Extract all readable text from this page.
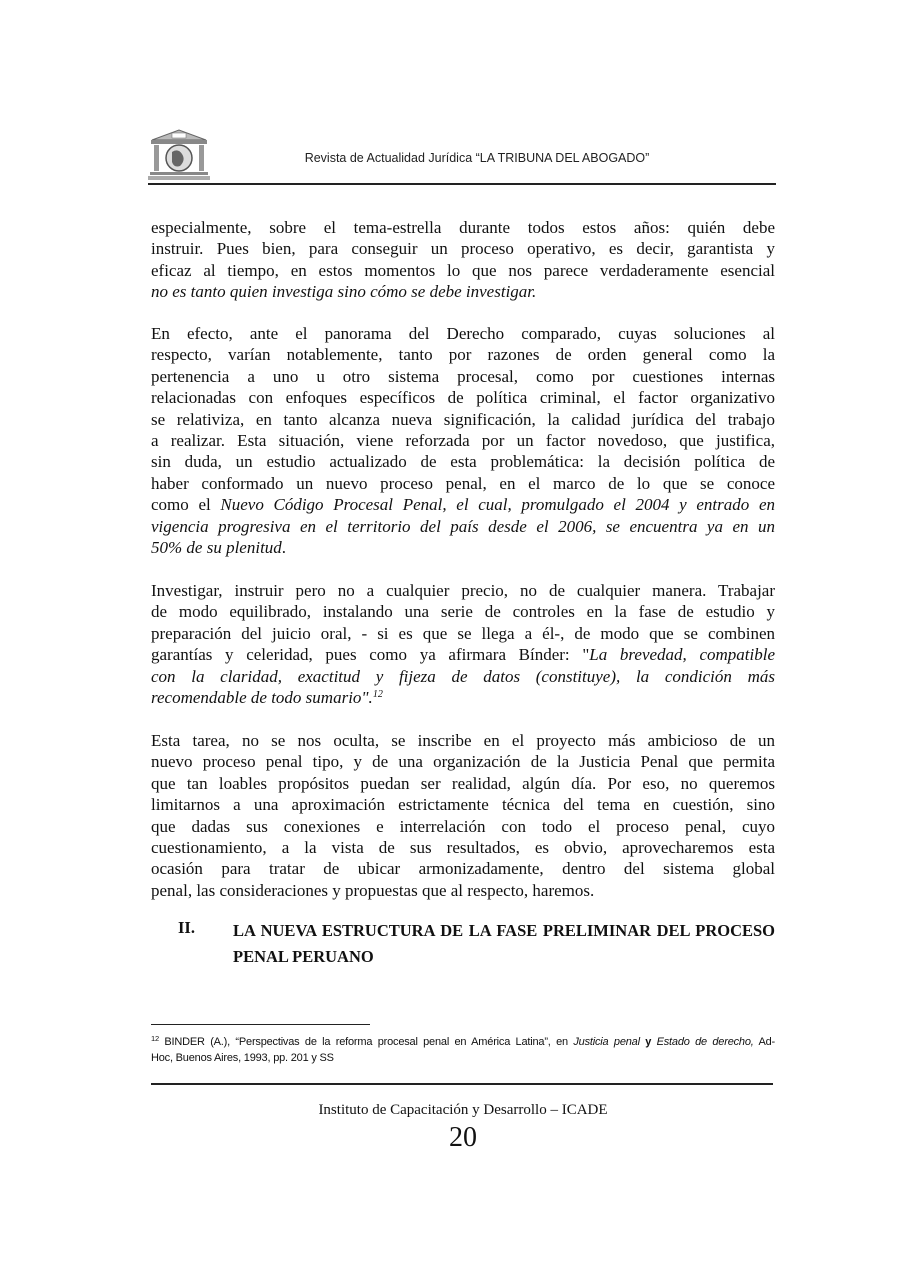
Revista de Actualidad Jurídica “LA TRIBUNA DEL ABOGADO”
especialmente, sobre el tema-estrella durante todos estos años: quién debe
instruir. Pues bien, para conseguir un proceso operativo, es decir, garantista y
eficaz al tiempo, en estos momentos lo que nos parece verdaderamente esencial
no es tanto quien investiga sino cómo se debe investigar.
En efecto, ante el panorama del Derecho comparado, cuyas soluciones al
respecto, varían notablemente, tanto por razones de orden general como la
pertenencia a uno u otro sistema procesal, como por cuestiones internas
relacionadas con enfoques específicos de política criminal, el factor organizativo
se relativiza, en tanto alcanza nueva significación, la calidad jurídica del trabajo
a realizar. Esta situación, viene reforzada por un factor novedoso, que justifica,
sin duda, un estudio actualizado de esta problemática: la decisión política de
haber conformado un nuevo proceso penal, en el marco de lo que se conoce
como el Nuevo Código Procesal Penal, el cual, promulgado el 2004 y entrado en
vigencia progresiva en el territorio del país desde el 2006, se encuentra ya en un
50% de su plenitud.
Investigar, instruir pero no a cualquier precio, no de cualquier manera. Trabajar
de modo equilibrado, instalando una serie de controles en la fase de estudio y
preparación del juicio oral, - si es que se llega a él-, de modo que se combinen
garantías y celeridad, pues como ya afirmara Bínder: "La brevedad, compatible
con la claridad, exactitud y fijeza de datos (constituye), la condición más
recomendable de todo sumario".$^{12}$
Esta tarea, no se nos oculta, se inscribe en el proyecto más ambicioso de un
nuevo proceso penal tipo, y de una organización de la Justicia Penal que permita
que tan loables propósitos puedan ser realidad, algún día. Por eso, no queremos
limitarnos a una aproximación estrictamente técnica del tema en cuestión, sino
que dadas sus conexiones e interrelación con todo el proceso penal, cuyo
cuestionamiento, a la vista de sus resultados, es obvio, aprovecharemos esta
ocasión para tratar de ubicar armonizadamente, dentro del sistema global
penal, las consideraciones y propuestas que al respecto, haremos.
II. LA NUEVA ESTRUCTURA DE LA FASE PRELIMINAR DEL PROCESO
PENAL PERUANO
$^{12}$ BINDER (A.), “Perspectivas de la reforma procesal penal en América Latina”, en Justicia penal y Estado de derecho, Ad-
Hoc, Buenos Aires, 1993, pp. 201 y SS
Instituto de Capacitación y Desarrollo – ICADE
20
